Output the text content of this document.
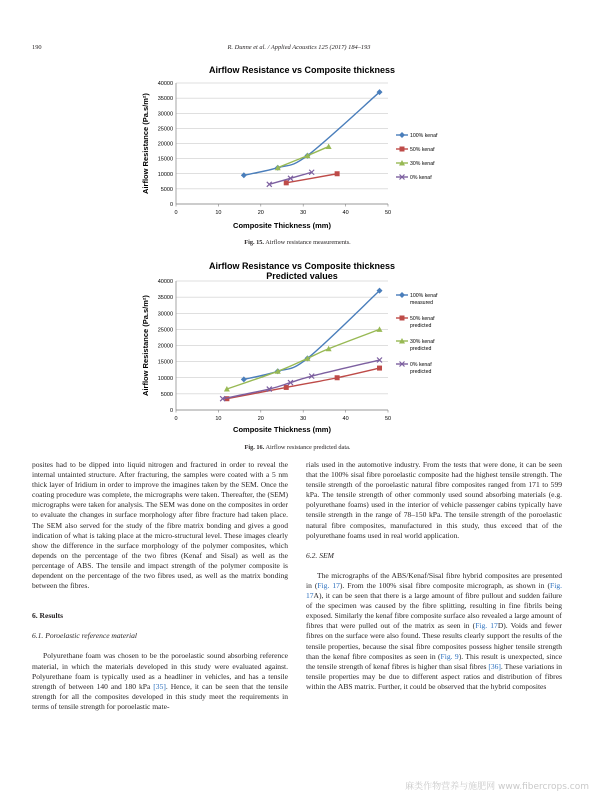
190	R. Dunne et al. / Applied Acoustics 125 (2017) 184–193
Airflow Resistance vs Composite thickness
0
5000
10000
15000
20000
25000
30000
35000
40000
0	10	20	30	40	50
Composite Thickness (mm)
Airflow Resistance (Pa.s/m²)	100% kenaf
50% kenaf
30% kenaf
0% kenaf
Fig. 15. Airflow resistance measurements.
Airflow Resistance vs Composite thickness
Predicted values
0
5000
10000
15000
20000
25000
30000
35000
40000
0	10	20	30	40	50
Composite Thickness (mm)
Airflow Resistance (Pa.s/m²)	100% kenaf
measured
50% kenaf
predicted
30% kenaf
predicted
0% kenaf
predicted
Fig. 16. Airflow resistance predicted data.

posites had to be dipped into liquid nitrogen and fractured in order to reveal the internal untainted structure. After fracturing, the samples were coated with a 5 nm thick layer of Iridium in order to improve the imagines taken by the SEM. Once the coating procedure was complete, the micrographs were taken. Thereafter, the (SEM) micrographs were taken for analysis. The SEM was done on the composites in order to evaluate the changes in surface morphology after fibre fracture had taken place. The SEM also served for the study of the fibre matrix bonding and gives a good indication of what is taking place at the micro-structural level. These images clearly show the difference in the surface morphology of the polymer composites, which depends on the percentage of the two fibres (Kenaf and Sisal) as well as the percentage of ABS. The tensile and impact strength of the polymer composite is dependent on the percentage of the two fibres used, as well as the matrix bonding between the fibres.

6. Results

6.1. Poroelastic reference material

Polyurethane foam was chosen to be the poroelastic sound absorbing reference material, in which the materials developed in this study were evaluated against. Polyurethane foam is typically used as a headliner in vehicles, and has a tensile strength of between 140 and 180 kPa [35]. Hence, it can be seen that the tensile strength for all the composites developed in this study meet the requirements in terms of tensile strength for poroelastic mate-

rials used in the automotive industry. From the tests that were done, it can be seen that the 100% sisal fibre poroelastic composite had the highest tensile strength. The tensile strength of the poroelastic natural fibre composites ranged from 171 to 599 kPa. The tensile strength of other commonly used sound absorbing materials (e.g. polyurethane foams) used in the interior of vehicle passenger cabins typically have tensile strength in the range of 78–150 kPa. The tensile strength of the poroelastic natural fibre composites, manufactured in this study, thus exceed that of the polyurethane foams used in real world application.

6.2. SEM

The micrographs of the ABS/Kenaf/Sisal fibre hybrid composites are presented in (Fig. 17). From the 100% sisal fibre composite micrograph, as shown in (Fig. 17A), it can be seen that there is a large amount of fibre pullout and sudden failure of the specimen was caused by the fibre splitting, resulting in fine fibrils being exposed. Similarly the kenaf fibre composite surface also revealed a large amount of fibres that were pulled out of the matrix as seen in (Fig. 17D). Voids and fewer fibres on the surface were also found. These results clearly support the results of the tensile properties, because the sisal fibre composites possess higher tensile strength than the kenaf fibre composites as seen in (Fig. 9). This result is unexpected, since the tensile strength of kenaf fibres is higher than sisal fibres [36]. These variations in tensile properties may be due to different aspect ratios and distribution of fibres within the ABS matrix. Further, it could be observed that the hybrid composites

麻类作物营养与施肥网 www.fibercrops.com
